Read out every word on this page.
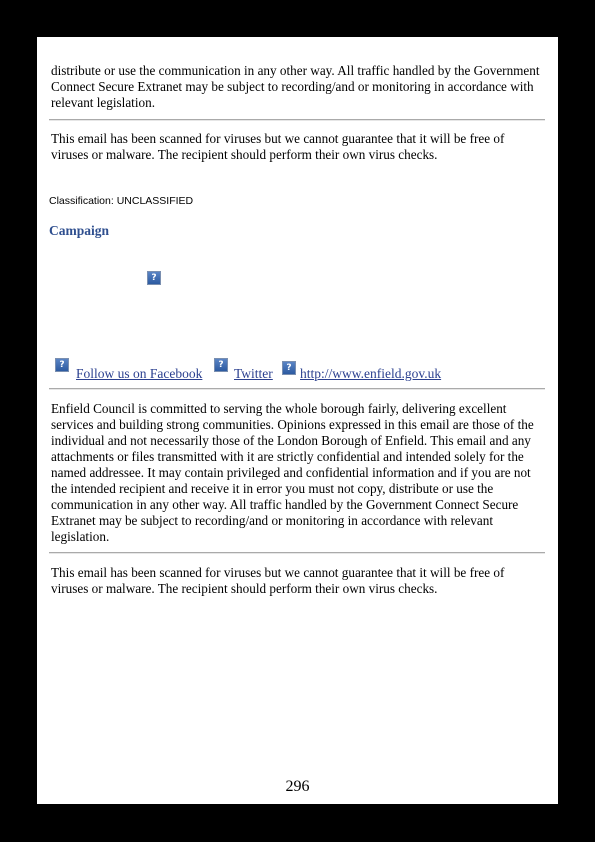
distribute or use the communication in any other way. All traffic handled by the Government Connect Secure Extranet may be subject to recording/and or monitoring in accordance with relevant legislation.

This email has been scanned for viruses but we cannot guarantee that it will be free of viruses or malware. The recipient should perform their own virus checks.

Classification: UNCLASSIFIED
Campaign
?
?
Follow us on Facebook
?
Twitter	? http://www.enfield.gov.uk

Enfield Council is committed to serving the whole borough fairly, delivering excellent services and building strong communities. Opinions expressed in this email are those of the individual and not necessarily those of the London Borough of Enfield. This email and any attachments or files transmitted with it are strictly confidential and intended solely for the named addressee. It may contain privileged and confidential information and if you are not the intended recipient and receive it in error you must not copy, distribute or use the communication in any other way. All traffic handled by the Government Connect Secure Extranet may be subject to recording/and or monitoring in accordance with relevant legislation.

This email has been scanned for viruses but we cannot guarantee that it will be free of viruses or malware. The recipient should perform their own virus checks.

296
